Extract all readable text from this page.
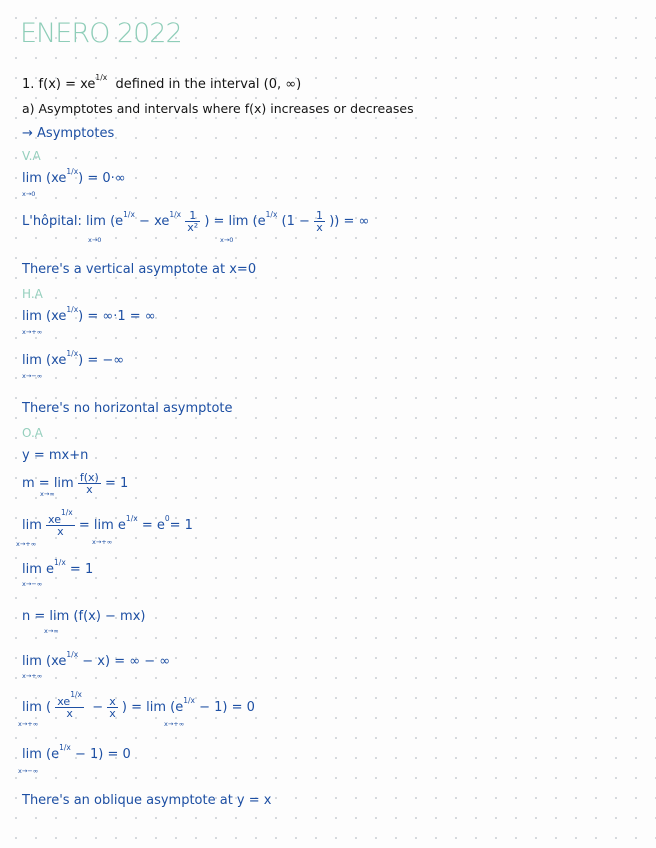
ENERO 2022
1. $f(x) = xe^{1/x}$ defined in the interval (0, ∞)
a) Asymptotes and intervals where f(x) increases or decreases
→ Asymptotes
V.A
$\lim (xe^{1/x}) = 0\cdot\infty$
x→0
L'hôpital: $\lim (e^{1/x} - xe^{1/x} \frac{1}{\text{x²}}$ ) = $\lim (e^{1/x}$ ($1 - \frac{1}{x}$ )) = ∞
x→0	x→0
There's a vertical asymptote at x=0
H.A
$\lim (xe^{1/x}) = \infty\cdot 1$ = ∞
x→+∞
$\lim (xe^{1/x})$ = −∞
x→−∞
There's no horizontal asymptote
O.A
y = mx+n
$m = \lim \frac{f(x)}{x} = 1$
x→∞
$\lim \frac{xe^{1/x}}{x} = \lim e^{1/x} = e^0= 1$
x→+∞	x→+∞
$\lim e^{1/x} = 1$
x→−∞
n = lim (f(x) − mx)
x→∞
$\lim (xe^{1/x} - x)$ = ∞ − ∞
x→+∞
lim ( $\frac{xe^{1/x}}{x} - \frac{x}{x}$ ) = $\lim (e^{1/x} - 1) = 0$
x→+∞	x→+∞
$\lim (e^{1/x} - 1) = 0$
x→−∞
There's an oblique asymptote at y = x
